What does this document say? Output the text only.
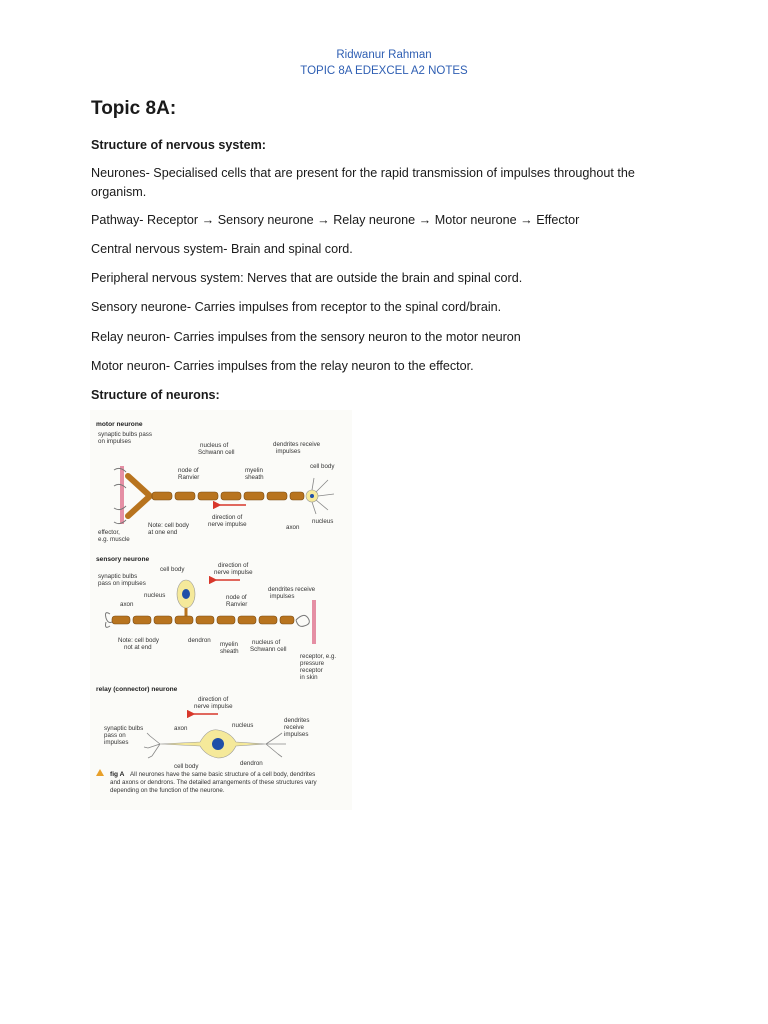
Ridwanur Rahman
TOPIC 8A EDEXCEL A2 NOTES
Topic 8A:
Structure of nervous system:
Neurones- Specialised cells that are present for the rapid transmission of impulses throughout the organism.
Pathway- Receptor → Sensory neurone → Relay neurone → Motor neurone → Effector
Central nervous system- Brain and spinal cord.
Peripheral nervous system: Nerves that are outside the brain and spinal cord.
Sensory neurone- Carries impulses from receptor to the spinal cord/brain.
Relay neuron- Carries impulses from the sensory neuron to the motor neuron
Motor neuron- Carries impulses from the relay neuron to the effector.
Structure of neurons:
motor neurone
synaptic bulbs pass
on impulses
nucleus of
Schwann cell
dendrites receive
impulses
cell body
node of
Ranvier
myelin
sheath
effector,
e.g. muscle
Note: cell body
at one end
direction of
nerve impulse	axon
nucleus
sensory neurone
cell body
direction of
nerve impulse
synaptic bulbs
pass on impulses
nucleus	node of
Ranvier
dendrites receive
impulses
axon
Note: cell body
not at end
dendron
myelin
sheath
nucleus of
Schwann cell
receptor, e.g.
pressure
receptor
in skin
relay (connector) neurone
direction of
nerve impulse
synaptic bulbs
pass on
impulses
axon	nucleus
dendrites
receive
impulses
cell body	dendron
fig A All neurones have the same basic structure of a cell body, dendrites
and axons or dendrons. The detailed arrangements of these structures vary
depending on the function of the neurone.
